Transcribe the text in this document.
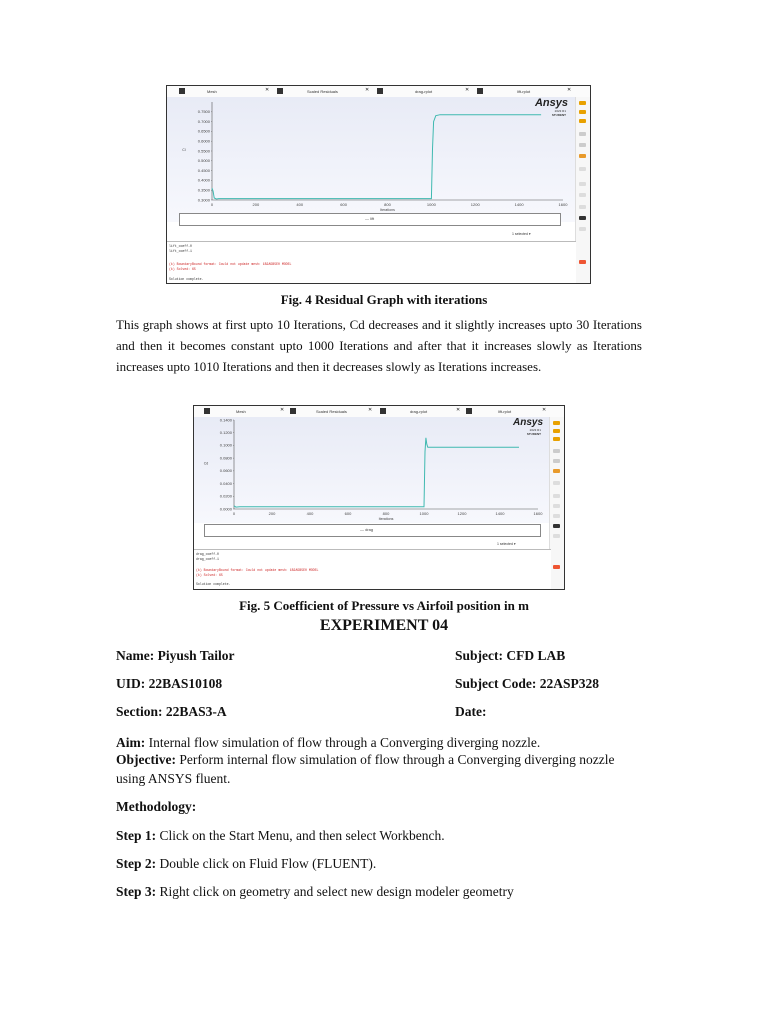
Mesh	✕	Scaled Residuals	✕	drag-rplot	✕	lift-rplot	✕
0.3000
0.3500
0.4000
0.4500
0.5000
0.5500
0.6000
0.6500
0.7000
0.7500
0	200	400	600	800	1000	1200	1400	1600
Iterations
Cl
Ansys
2023 R1
STUDENT
— lift
1 selected ▾
lift_coeff-0
lift_coeff-1
(k) BoundaryBound format: Could not update mesh: 1B2A5B5E0 MODEL
(k) Solved: 65
Solution complete.
Fig. 4 Residual Graph with iterations
This graph shows at first upto 10 Iterations, Cd decreases and it slightly increases upto 30 Iterations and then it becomes constant upto 1000 Iterations and after that it increases slowly as Iterations increases upto 1010 Iterations and then it decreases slowly as Iterations increases.
Mesh	✕	Scaled Residuals	✕	drag-rplot	✕	lift-rplot	✕
0.0000
0.0200
0.0400
0.0600
0.0800
0.1000
0.1200
0.1400
0	200	400	600	800	1000	1200	1400	1600
Iterations
Cd
Ansys
2023 R1
STUDENT
— drag
1 selected ▾
drag_coeff-0
drag_coeff-1
(k) BoundaryBound format: Could not update mesh: 1B2A5B5E0 MODEL
(k) Solved: 65
Solution complete.
Fig. 5 Coefficient of Pressure vs Airfoil position in m
EXPERIMENT 04
Name: Piyush Tailor	Subject: CFD LAB
UID: 22BAS10108	Subject Code: 22ASP328
Section: 22BAS3-A	Date:
Aim: Internal flow simulation of flow through a Converging diverging nozzle.
Objective: Perform internal flow simulation of flow through a Converging diverging nozzle
using ANSYS fluent.
Methodology:
Step 1: Click on the Start Menu, and then select Workbench.
Step 2: Double click on Fluid Flow (FLUENT).
Step 3: Right click on geometry and select new design modeler geometry
